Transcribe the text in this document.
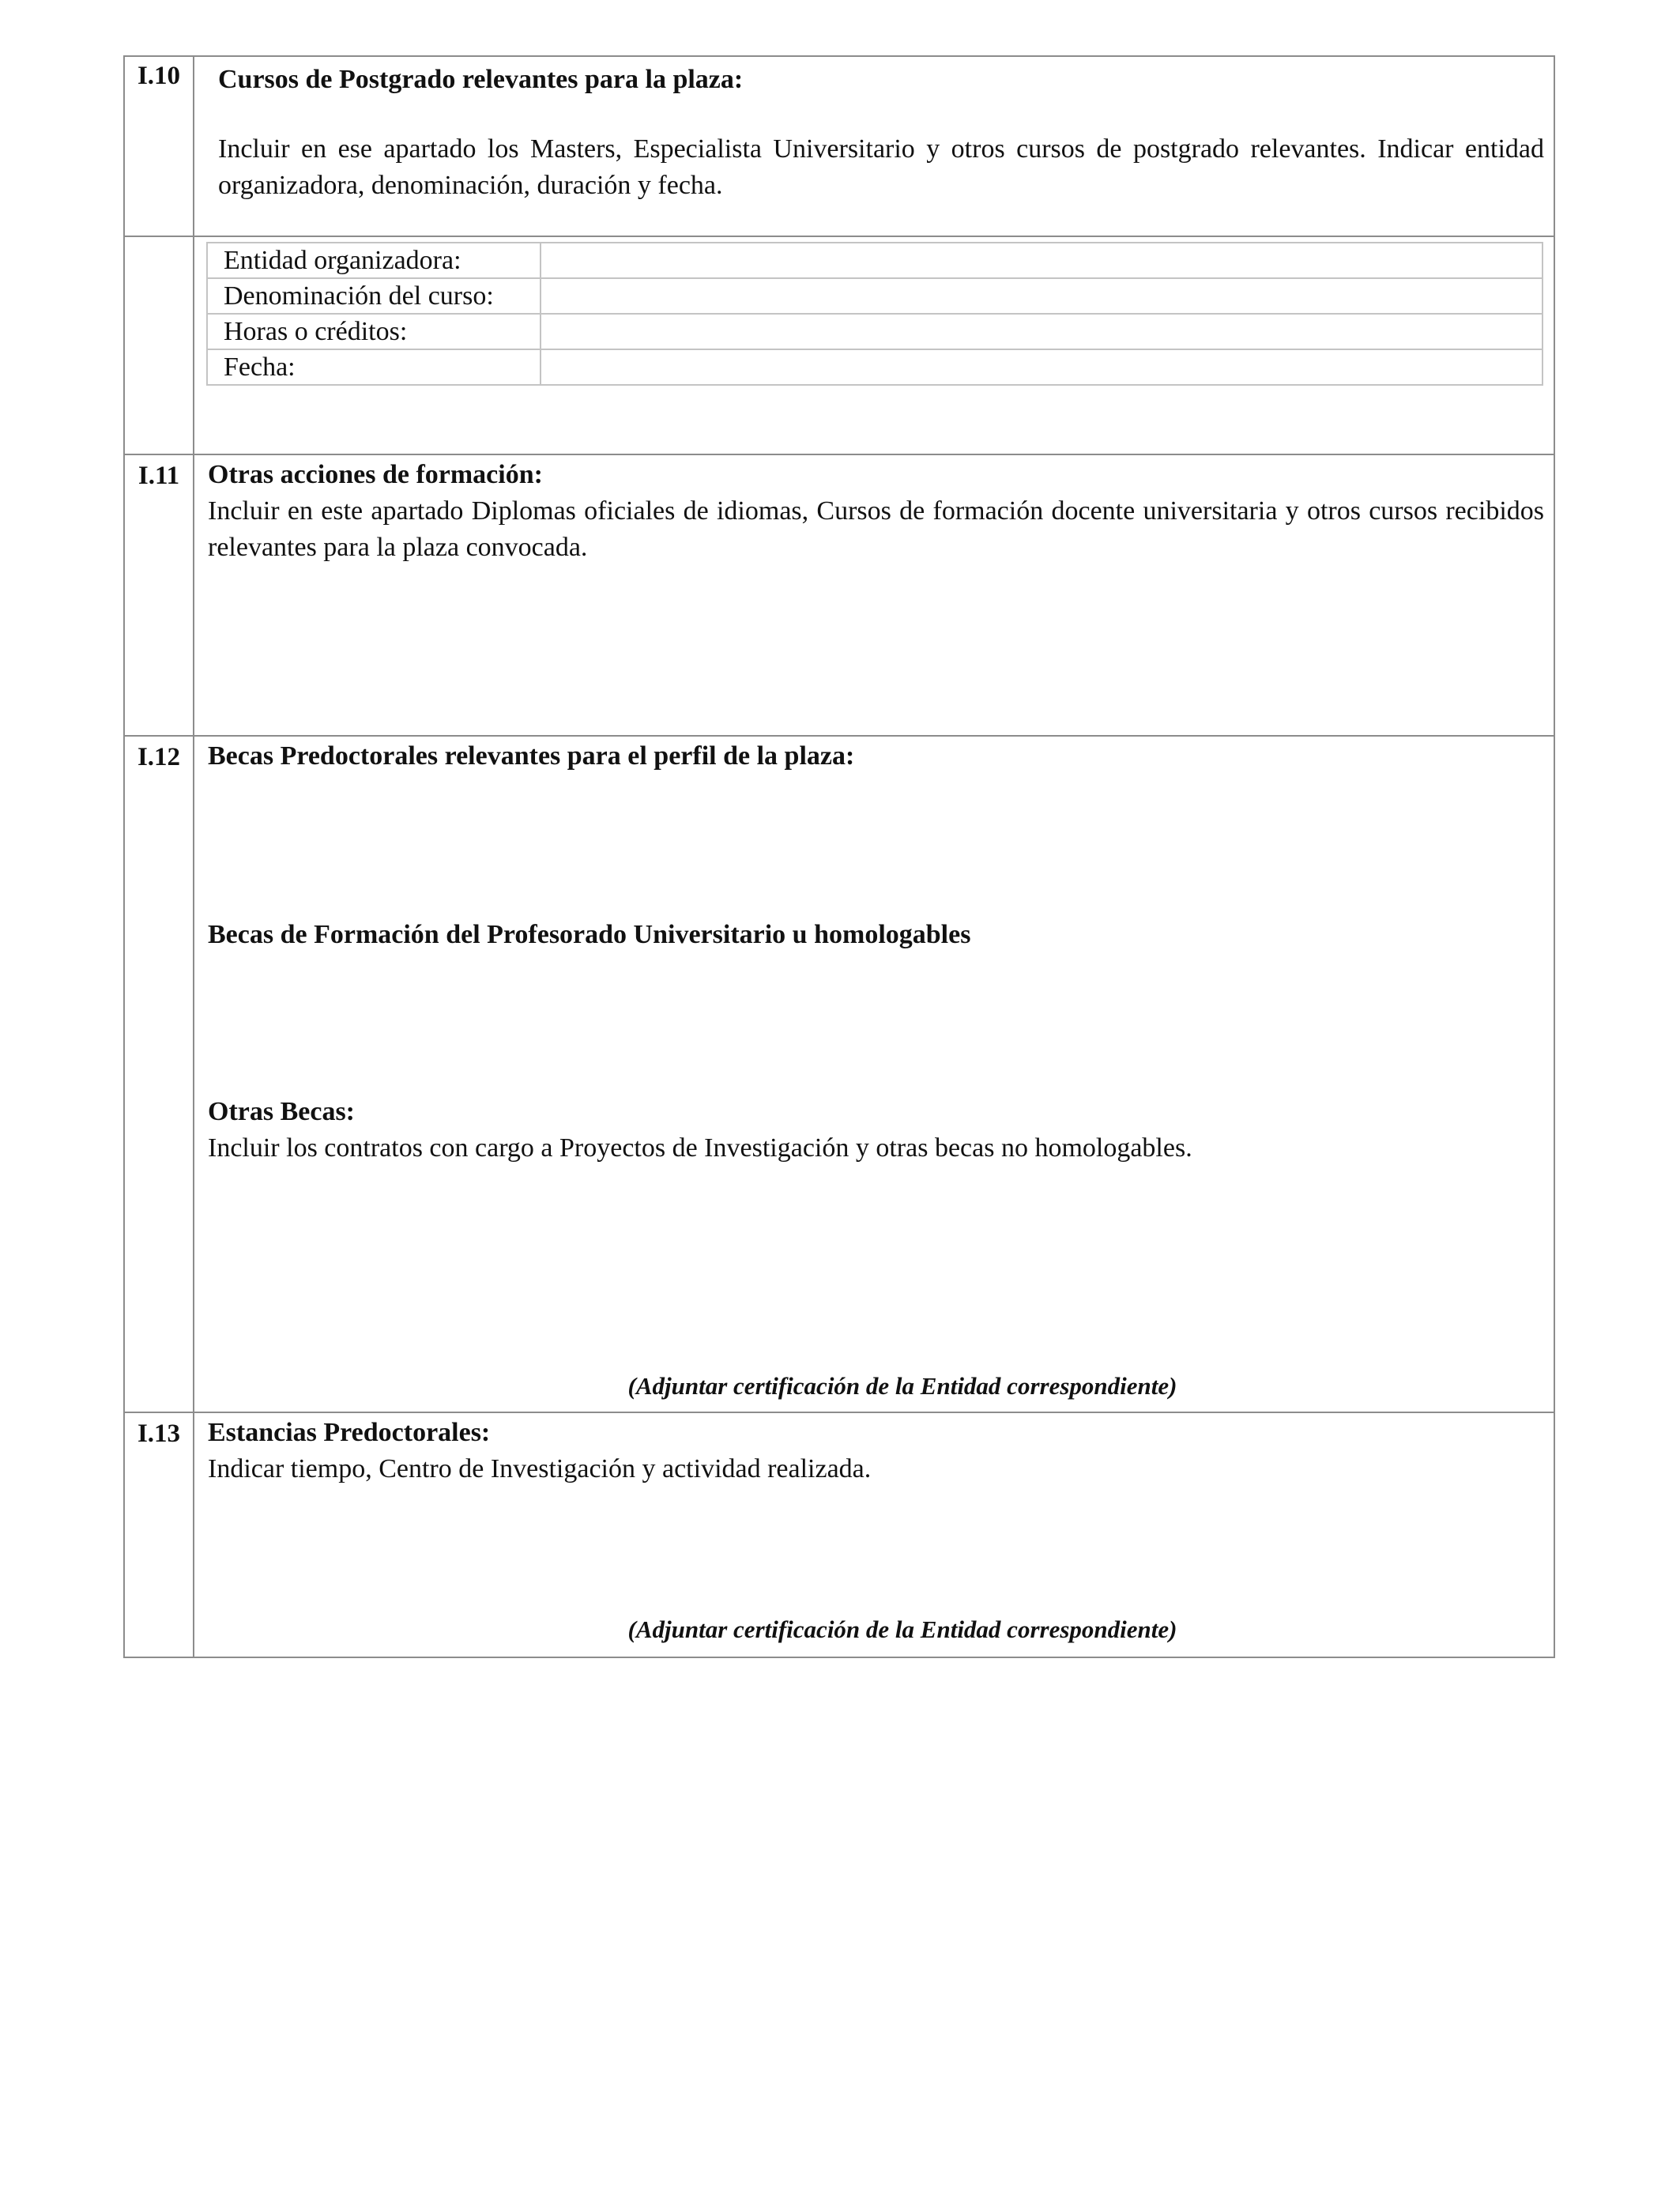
I.10	Cursos de Postgrado relevantes para la plaza:
Incluir en ese apartado los Masters, Especialista Universitario y otros cursos de postgrado relevantes. Indicar entidad organizadora, denominación, duración y fecha.
Entidad organizadora:	
Denominación del curso:	
Horas o créditos:	
Fecha:	
I.11	Otras acciones de formación:
Incluir en este apartado Diplomas oficiales de idiomas, Cursos de formación docente universitaria y otros cursos recibidos relevantes para la plaza convocada.
I.12	Becas Predoctorales relevantes para el perfil de la plaza:
Becas de Formación del Profesorado Universitario u homologables
Otras Becas:
Incluir los contratos con cargo a Proyectos de Investigación y otras becas no homologables.
(Adjuntar certificación de la Entidad correspondiente)
I.13	Estancias Predoctorales:
Indicar tiempo, Centro de Investigación y actividad realizada.
(Adjuntar certificación de la Entidad correspondiente)
